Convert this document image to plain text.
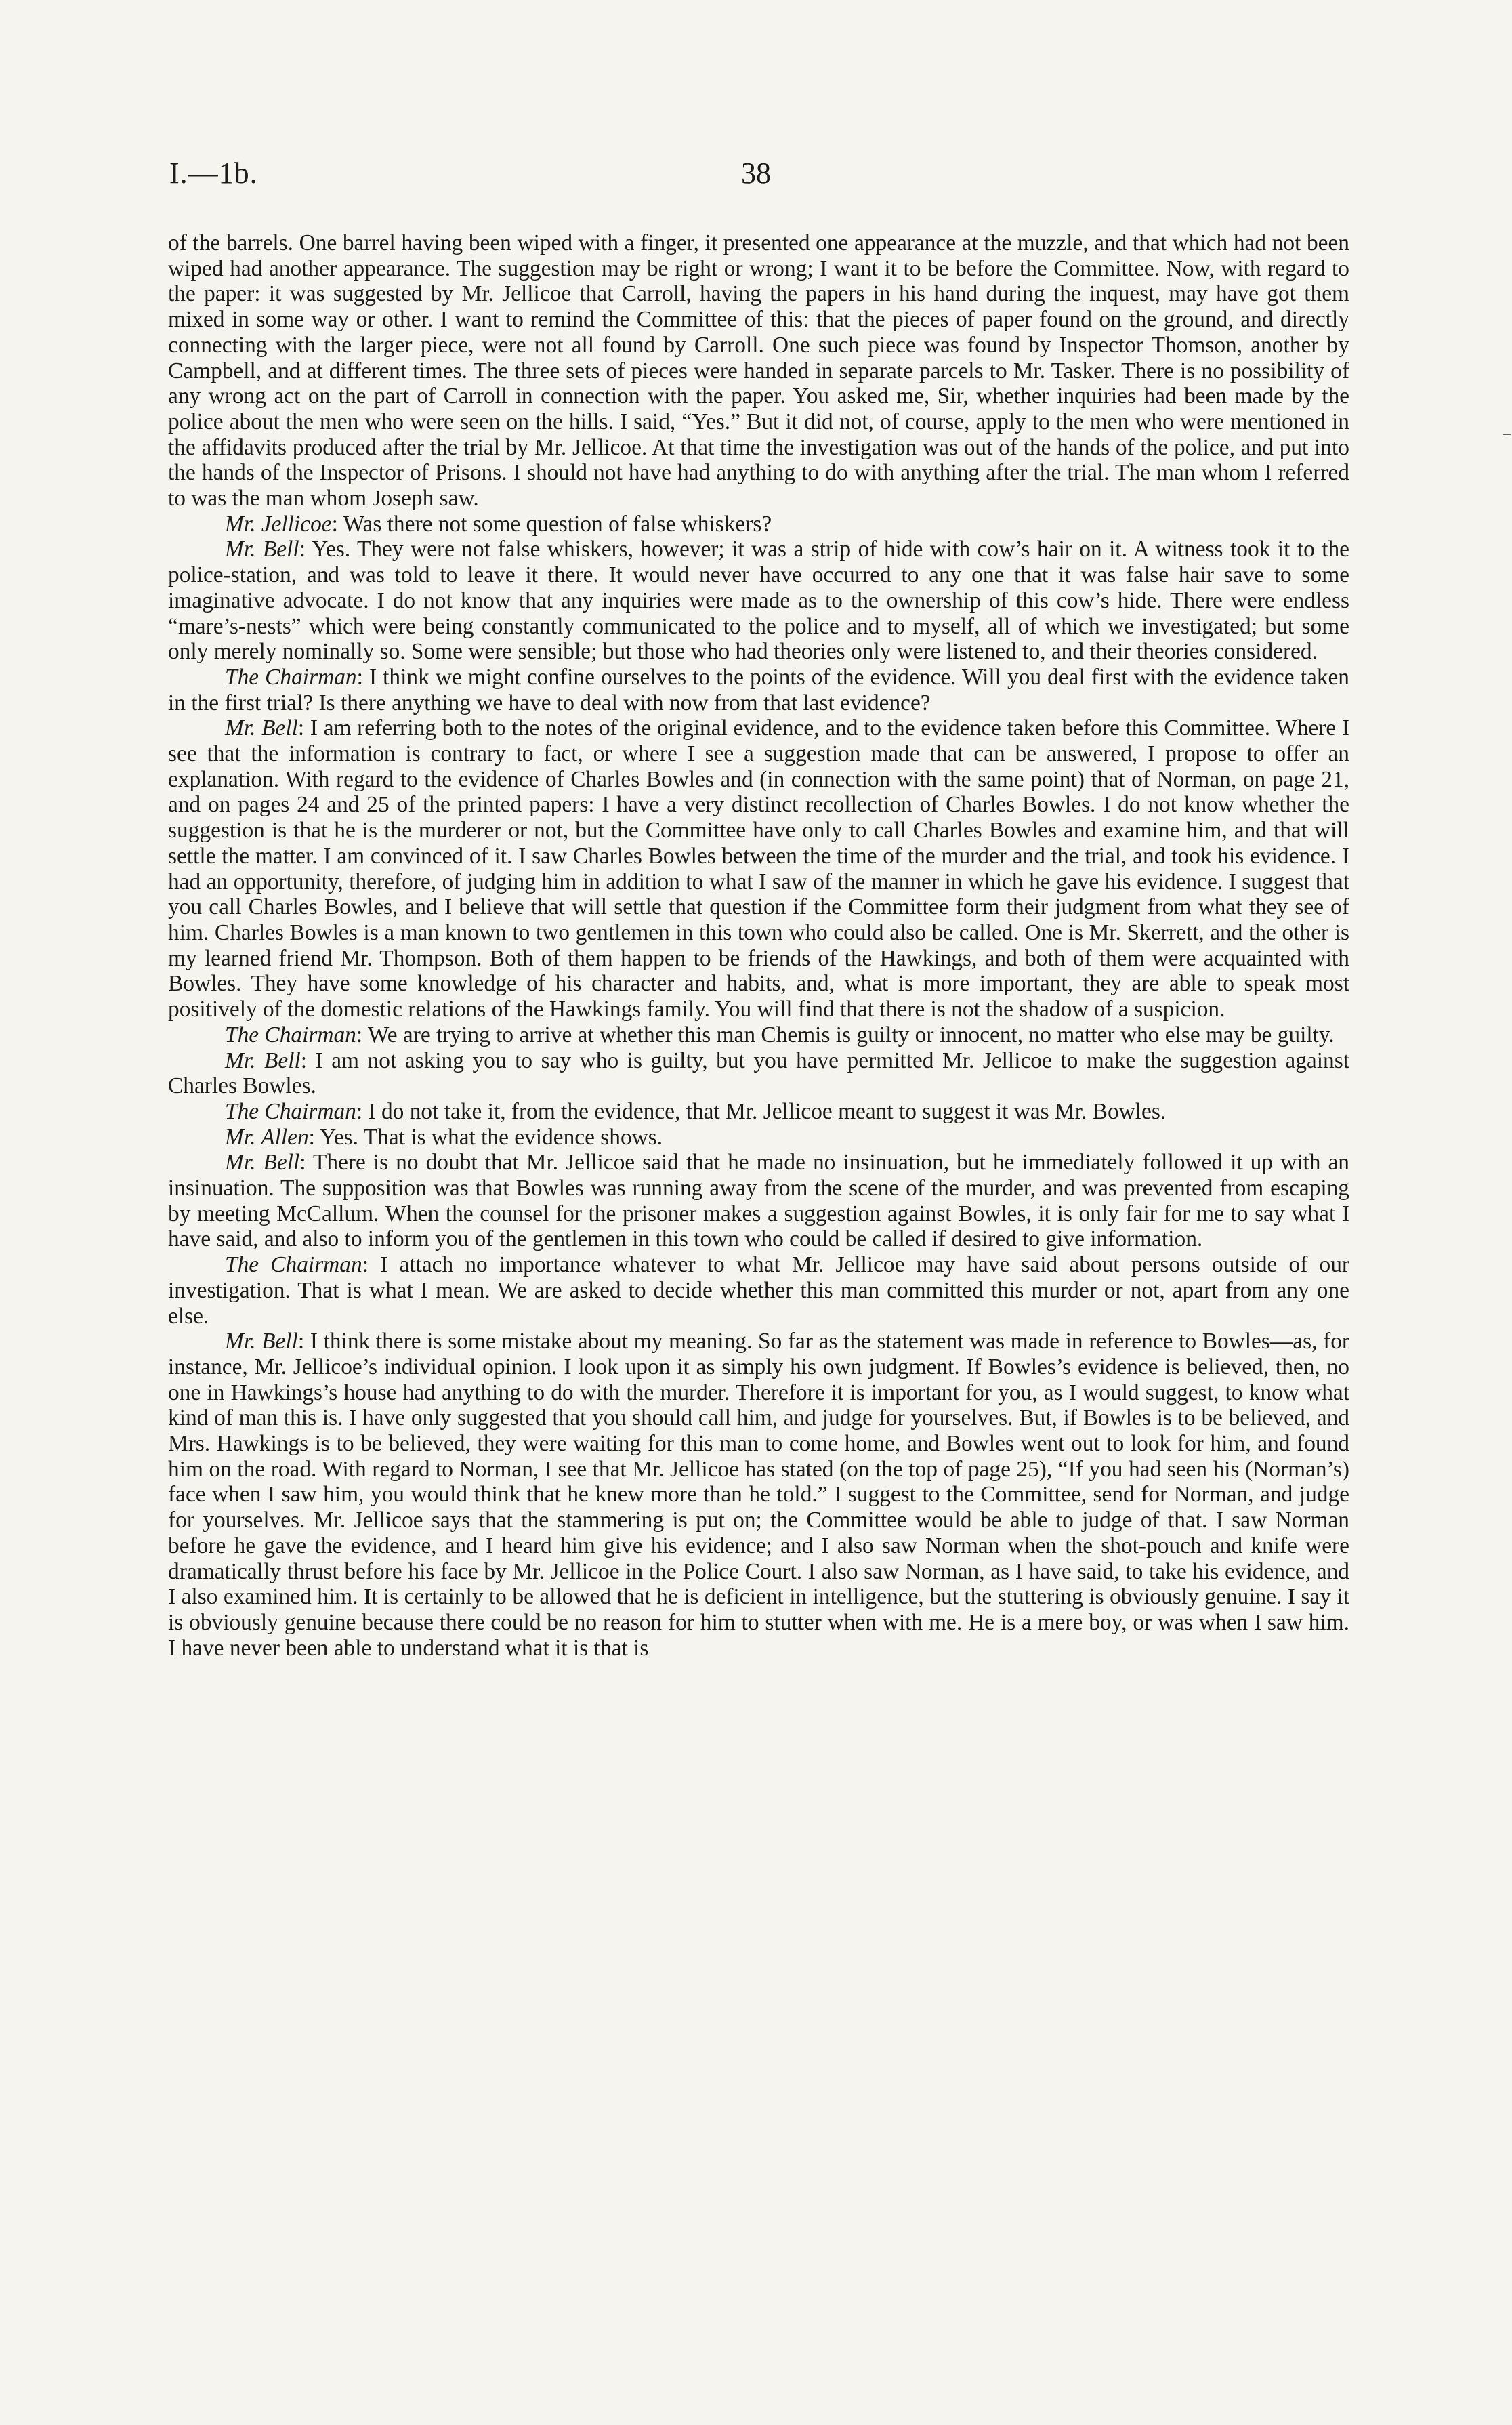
I.—1b.	38

of the barrels. One barrel having been wiped with a finger, it presented one appearance at the muzzle, and that which had not been wiped had another appearance. The suggestion may be right or wrong; I want it to be before the Committee. Now, with regard to the paper: it was suggested by Mr. Jellicoe that Carroll, having the papers in his hand during the inquest, may have got them mixed in some way or other. I want to remind the Committee of this: that the pieces of paper found on the ground, and directly connecting with the larger piece, were not all found by Carroll. One such piece was found by Inspector Thomson, another by Campbell, and at different times. The three sets of pieces were handed in separate parcels to Mr. Tasker. There is no possibility of any wrong act on the part of Carroll in connection with the paper. You asked me, Sir, whether inquiries had been made by the police about the men who were seen on the hills. I said, “Yes.” But it did not, of course, apply to the men who were mentioned in the affidavits produced after the trial by Mr. Jellicoe. At that time the investigation was out of the hands of the police, and put into the hands of the Inspector of Prisons. I should not have had anything to do with anything after the trial. The man whom I referred to was the man whom Joseph saw.

Mr. Jellicoe: Was there not some question of false whiskers?

Mr. Bell: Yes. They were not false whiskers, however; it was a strip of hide with cow’s hair on it. A witness took it to the police-station, and was told to leave it there. It would never have occurred to any one that it was false hair save to some imaginative advocate. I do not know that any inquiries were made as to the ownership of this cow’s hide. There were endless “mare’s-nests” which were being constantly communicated to the police and to myself, all of which we investigated; but some only merely nominally so. Some were sensible; but those who had theories only were listened to, and their theories considered.

The Chairman: I think we might confine ourselves to the points of the evidence. Will you deal first with the evidence taken in the first trial? Is there anything we have to deal with now from that last evidence?

Mr. Bell: I am referring both to the notes of the original evidence, and to the evidence taken before this Committee. Where I see that the information is contrary to fact, or where I see a suggestion made that can be answered, I propose to offer an explanation. With regard to the evidence of Charles Bowles and (in connection with the same point) that of Norman, on page 21, and on pages 24 and 25 of the printed papers: I have a very distinct recollection of Charles Bowles. I do not know whether the suggestion is that he is the murderer or not, but the Committee have only to call Charles Bowles and examine him, and that will settle the matter. I am convinced of it. I saw Charles Bowles between the time of the murder and the trial, and took his evidence. I had an opportunity, therefore, of judging him in addition to what I saw of the manner in which he gave his evidence. I suggest that you call Charles Bowles, and I believe that will settle that question if the Committee form their judgment from what they see of him. Charles Bowles is a man known to two gentlemen in this town who could also be called. One is Mr. Skerrett, and the other is my learned friend Mr. Thompson. Both of them happen to be friends of the Hawkings, and both of them were acquainted with Bowles. They have some knowledge of his character and habits, and, what is more important, they are able to speak most positively of the domestic relations of the Hawkings family. You will find that there is not the shadow of a suspicion.

The Chairman: We are trying to arrive at whether this man Chemis is guilty or innocent, no matter who else may be guilty.

Mr. Bell: I am not asking you to say who is guilty, but you have permitted Mr. Jellicoe to make the suggestion against Charles Bowles.

The Chairman: I do not take it, from the evidence, that Mr. Jellicoe meant to suggest it was Mr. Bowles.

Mr. Allen: Yes. That is what the evidence shows.

Mr. Bell: There is no doubt that Mr. Jellicoe said that he made no insinuation, but he immediately followed it up with an insinuation. The supposition was that Bowles was running away from the scene of the murder, and was prevented from escaping by meeting McCallum. When the counsel for the prisoner makes a suggestion against Bowles, it is only fair for me to say what I have said, and also to inform you of the gentlemen in this town who could be called if desired to give information.

The Chairman: I attach no importance whatever to what Mr. Jellicoe may have said about persons outside of our investigation. That is what I mean. We are asked to decide whether this man committed this murder or not, apart from any one else.

Mr. Bell: I think there is some mistake about my meaning. So far as the statement was made in reference to Bowles—as, for instance, Mr. Jellicoe’s individual opinion. I look upon it as simply his own judgment. If Bowles’s evidence is believed, then, no one in Hawkings’s house had anything to do with the murder. Therefore it is important for you, as I would suggest, to know what kind of man this is. I have only suggested that you should call him, and judge for yourselves. But, if Bowles is to be believed, and Mrs. Hawkings is to be believed, they were waiting for this man to come home, and Bowles went out to look for him, and found him on the road. With regard to Norman, I see that Mr. Jellicoe has stated (on the top of page 25), “If you had seen his (Norman’s) face when I saw him, you would think that he knew more than he told.” I suggest to the Committee, send for Norman, and judge for yourselves. Mr. Jellicoe says that the stammering is put on; the Committee would be able to judge of that. I saw Norman before he gave the evidence, and I heard him give his evidence; and I also saw Norman when the shot-pouch and knife were dramatically thrust before his face by Mr. Jellicoe in the Police Court. I also saw Norman, as I have said, to take his evidence, and I also examined him. It is certainly to be allowed that he is deficient in intelligence, but the stuttering is obviously genuine. I say it is obviously genuine because there could be no reason for him to stutter when with me. He is a mere boy, or was when I saw him. I have never been able to understand what it is that is
